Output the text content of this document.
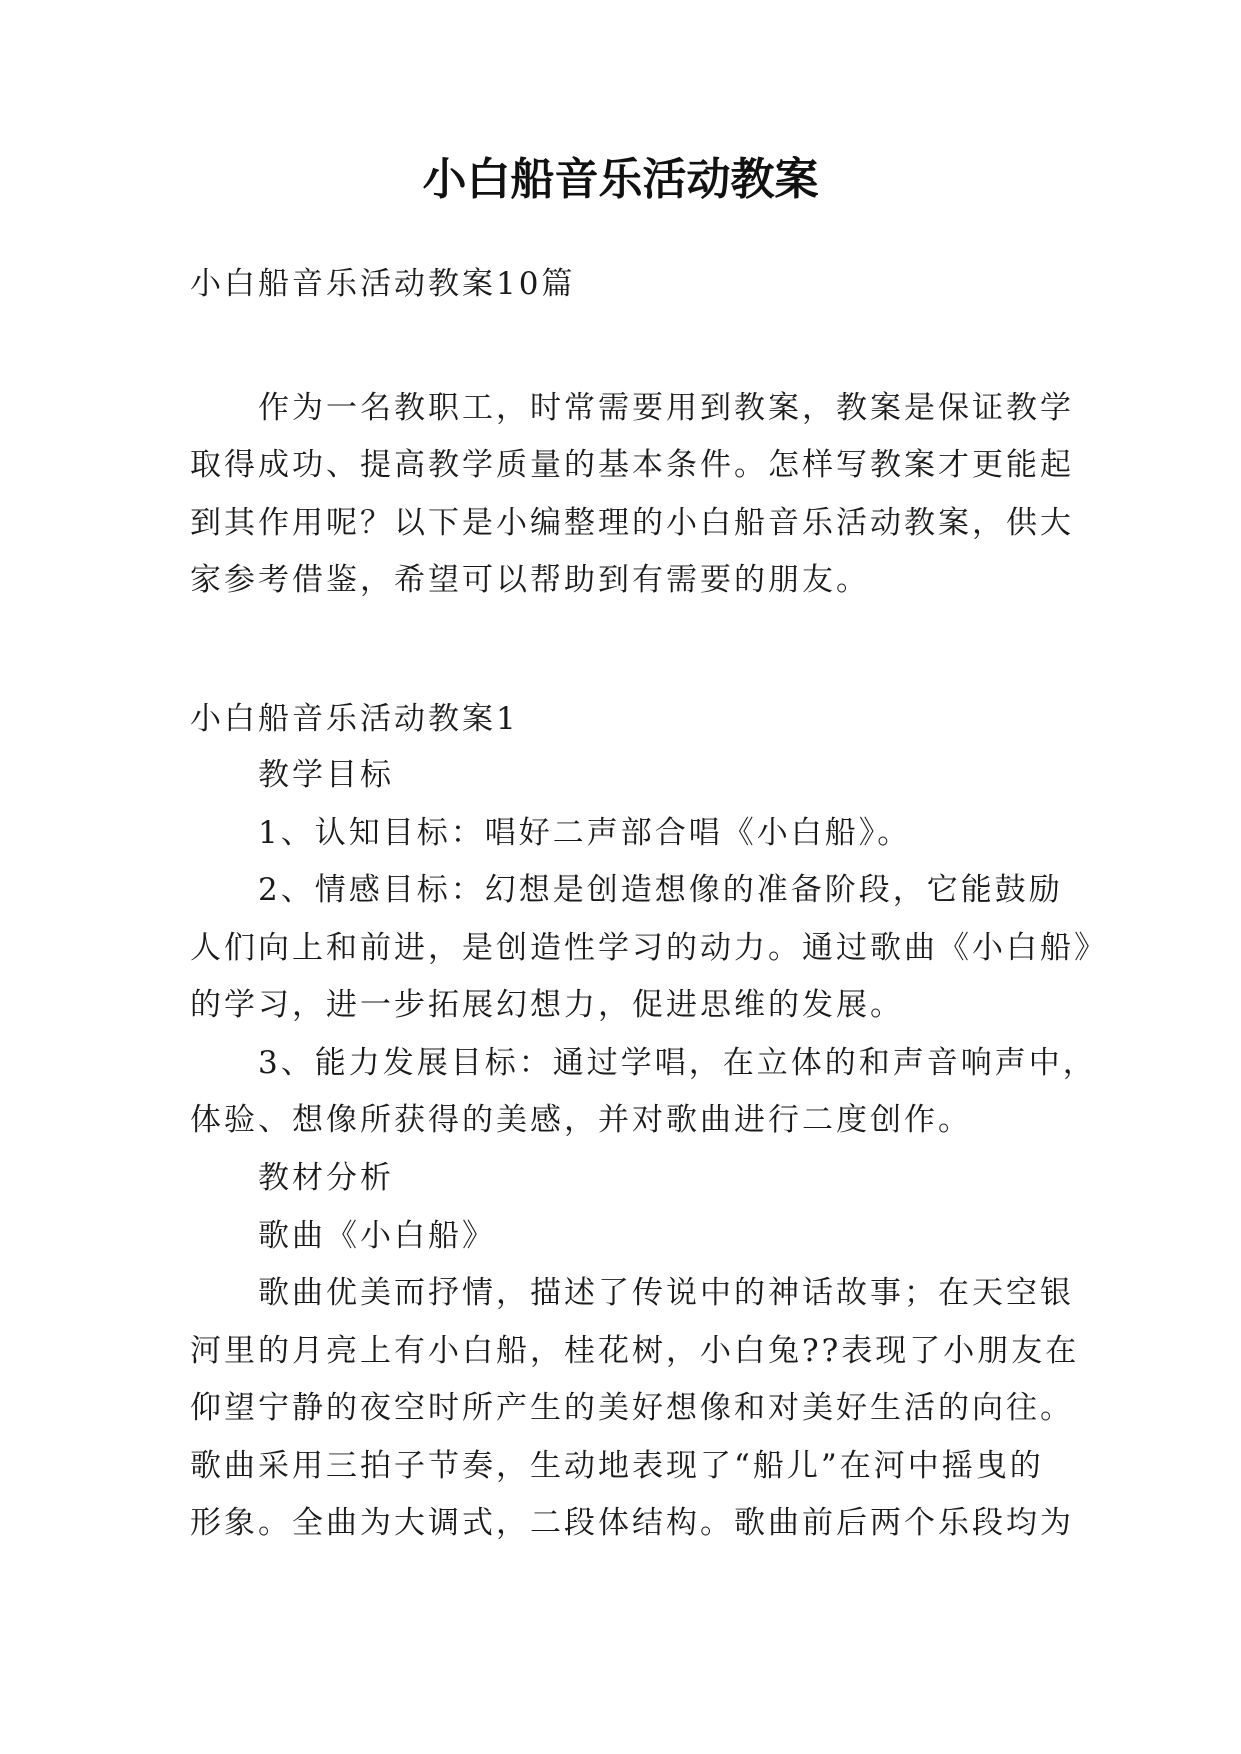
小白船音乐活动教案
小白船音乐活动教案10篇
作为一名教职工，时常需要用到教案，教案是保证教学
取得成功、提高教学质量的基本条件。怎样写教案才更能起
到其作用呢？以下是小编整理的小白船音乐活动教案，供大
家参考借鉴，希望可以帮助到有需要的朋友。
小白船音乐活动教案1
教学目标
1、认知目标：唱好二声部合唱《小白船》。
2、情感目标：幻想是创造想像的准备阶段，它能鼓励
人们向上和前进，是创造性学习的动力。通过歌曲《小白船》
的学习，进一步拓展幻想力，促进思维的发展。
3、能力发展目标：通过学唱，在立体的和声音响声中，
体验、想像所获得的美感，并对歌曲进行二度创作。
教材分析
歌曲《小白船》
歌曲优美而抒情，描述了传说中的神话故事；在天空银
河里的月亮上有小白船，桂花树，小白兔??表现了小朋友在
仰望宁静的夜空时所产生的美好想像和对美好生活的向往。
歌曲采用三拍子节奏，生动地表现了“船儿”在河中摇曳的
形象。全曲为大调式，二段体结构。歌曲前后两个乐段均为
